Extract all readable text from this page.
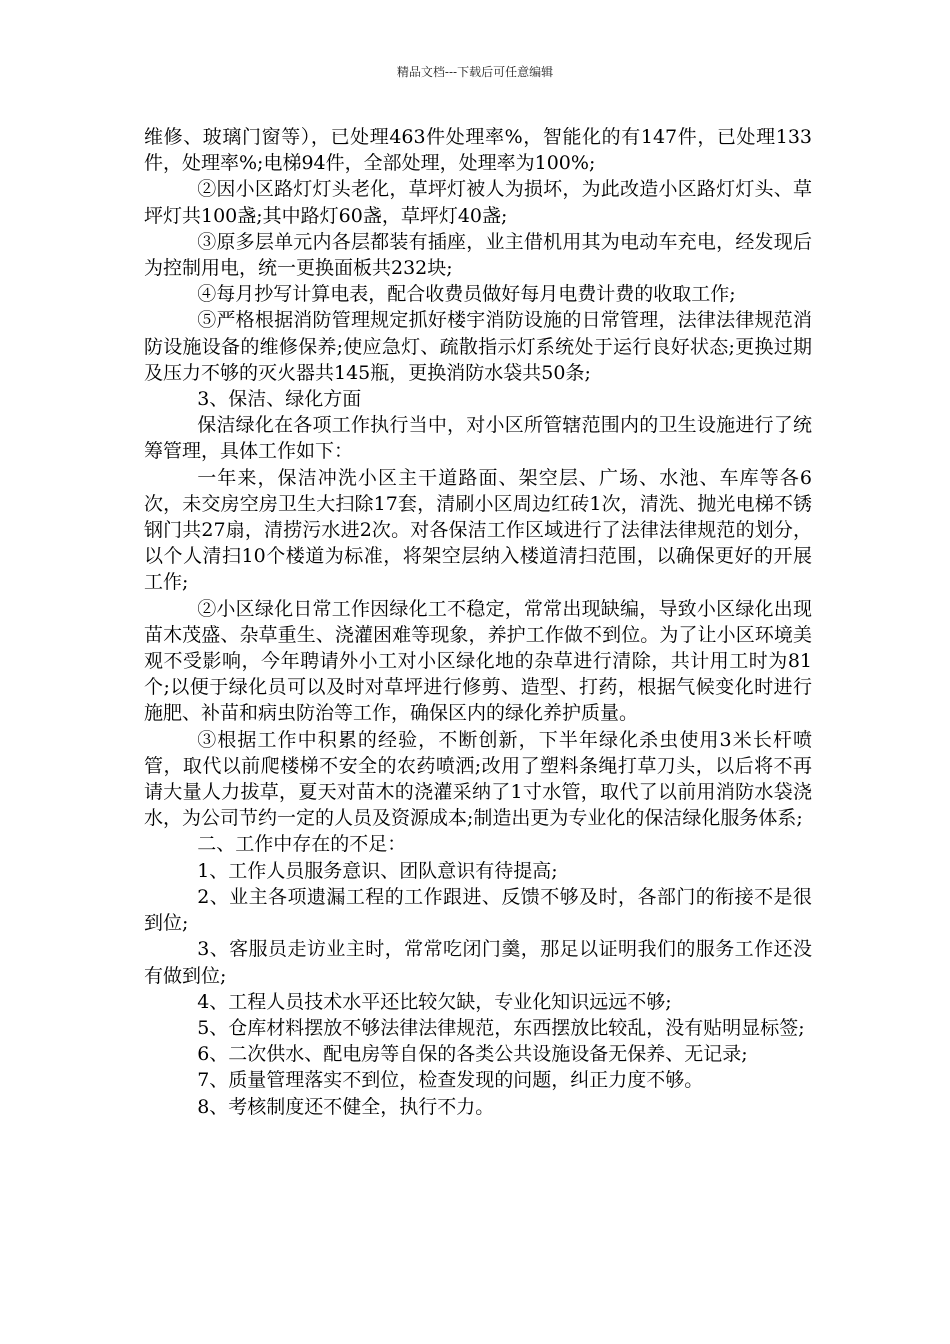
精品文档---下载后可任意编辑

维修、玻璃门窗等），已处理463件处理率%，智能化的有147件，已处理133件，处理率%;电梯94件，全部处理，处理率为100%;

②因小区路灯灯头老化，草坪灯被人为损坏，为此改造小区路灯灯头、草坪灯共100盏;其中路灯60盏，草坪灯40盏;

③原多层单元内各层都装有插座，业主借机用其为电动车充电，经发现后为控制用电，统一更换面板共232块;

④每月抄写计算电表，配合收费员做好每月电费计费的收取工作;

⑤严格根据消防管理规定抓好楼宇消防设施的日常管理，法律法律规范消防设施设备的维修保养;使应急灯、疏散指示灯系统处于运行良好状态;更换过期及压力不够的灭火器共145瓶，更换消防水袋共50条;

3、保洁、绿化方面

保洁绿化在各项工作执行当中，对小区所管辖范围内的卫生设施进行了统筹管理，具体工作如下：

一年来，保洁冲洗小区主干道路面、架空层、广场、水池、车库等各6次，未交房空房卫生大扫除17套，清刷小区周边红砖1次，清洗、抛光电梯不锈钢门共27扇，清捞污水进2次。对各保洁工作区域进行了法律法律规范的划分，以个人清扫10个楼道为标准，将架空层纳入楼道清扫范围，以确保更好的开展工作;

②小区绿化日常工作因绿化工不稳定，常常出现缺编，导致小区绿化出现苗木茂盛、杂草重生、浇灌困难等现象，养护工作做不到位。为了让小区环境美观不受影响，今年聘请外小工对小区绿化地的杂草进行清除，共计用工时为81个;以便于绿化员可以及时对草坪进行修剪、造型、打药，根据气候变化时进行施肥、补苗和病虫防治等工作，确保区内的绿化养护质量。

③根据工作中积累的经验，不断创新，下半年绿化杀虫使用3米长杆喷管，取代以前爬楼梯不安全的农药喷洒;改用了塑料条绳打草刀头，以后将不再请大量人力拔草，夏天对苗木的浇灌采纳了1寸水管，取代了以前用消防水袋浇水，为公司节约一定的人员及资源成本;制造出更为专业化的保洁绿化服务体系;

二、工作中存在的不足：

1、工作人员服务意识、团队意识有待提高;

2、业主各项遗漏工程的工作跟进、反馈不够及时，各部门的衔接不是很到位;

3、客服员走访业主时，常常吃闭门羹，那足以证明我们的服务工作还没有做到位;

4、工程人员技术水平还比较欠缺，专业化知识远远不够;

5、仓库材料摆放不够法律法律规范，东西摆放比较乱，没有贴明显标签;

6、二次供水、配电房等自保的各类公共设施设备无保养、无记录;

7、质量管理落实不到位，检查发现的问题，纠正力度不够。

8、考核制度还不健全，执行不力。
